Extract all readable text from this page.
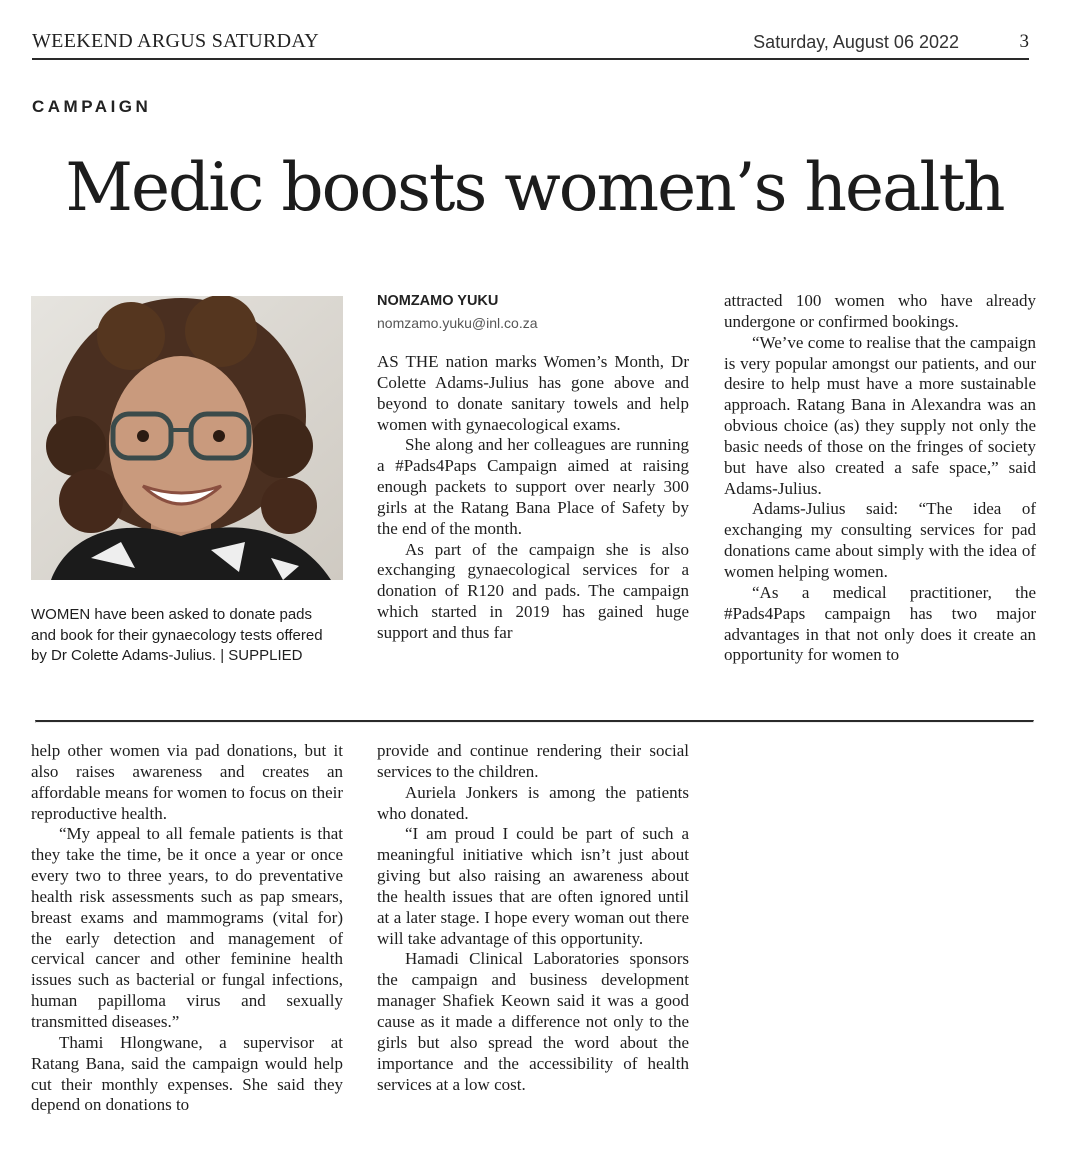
WEEKEND ARGUS SATURDAY	Saturday, August 06 2022	3
CAMPAIGN
Medic boosts women’s health

WOMEN have been asked to donate pads and book for their gynaecology tests offered by Dr Colette Adams-Julius. | SUPPLIED

NOMZAMO YUKU
nomzamo.yuku@inl.co.za

AS THE nation marks Women’s Month, Dr Colette Adams-Julius has gone above and beyond to donate sanitary towels and help women with gynaecological exams.

She along and her colleagues are running a #Pads4Paps Campaign aimed at raising enough packets to support over nearly 300 girls at the Ratang Bana Place of Safety by the end of the month.

As part of the campaign she is also exchanging gynaecological services for a donation of R120 and pads. The campaign which started in 2019 has gained huge support and thus far

attracted 100 women who have already undergone or confirmed bookings.

“We’ve come to realise that the campaign is very popular amongst our patients, and our desire to help must have a more sustainable approach. Ratang Bana in Alexandra was an obvious choice (as) they supply not only the basic needs of those on the fringes of society but have also created a safe space,” said Adams-Julius.

Adams-Julius said: “The idea of exchanging my consulting services for pad donations came about simply with the idea of women helping women.

“As a medical practitioner, the #Pads4Paps campaign has two major advantages in that not only does it create an opportunity for women to

help other women via pad donations, but it also raises awareness and creates an affordable means for women to focus on their reproductive health.

“My appeal to all female patients is that they take the time, be it once a year or once every two to three years, to do preventative health risk assessments such as pap smears, breast exams and mammograms (vital for) the early detection and management of cervical cancer and other feminine health issues such as bacterial or fungal infections, human papilloma virus and sexually transmitted diseases.”

Thami Hlongwane, a supervisor at Ratang Bana, said the campaign would help cut their monthly expenses. She said they depend on donations to

provide and continue rendering their social services to the children.

Auriela Jonkers is among the patients who donated.

“I am proud I could be part of such a meaningful initiative which isn’t just about giving but also raising an awareness about the health issues that are often ignored until at a later stage. I hope every woman out there will take advantage of this opportunity.

Hamadi Clinical Laboratories sponsors the campaign and business development manager Shafiek Keown said it was a good cause as it made a difference not only to the girls but also spread the word about the importance and the accessibility of health services at a low cost.
